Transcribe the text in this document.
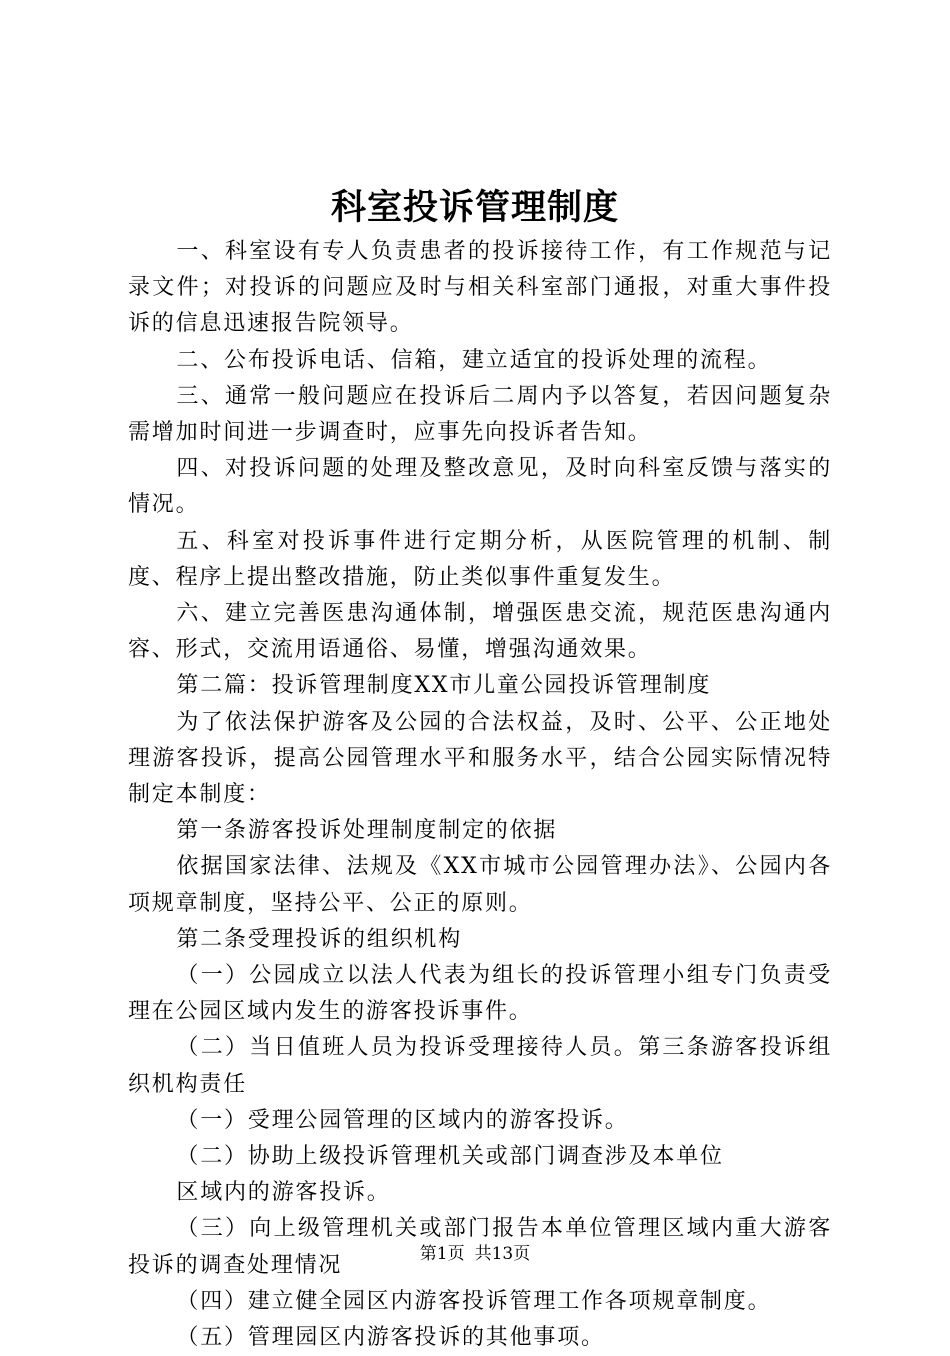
科室投诉管理制度

一、科室设有专人负责患者的投诉接待工作，有工作规范与记录文件；对投诉的问题应及时与相关科室部门通报，对重大事件投诉的信息迅速报告院领导。

二、公布投诉电话、信箱，建立适宜的投诉处理的流程。

三、通常一般问题应在投诉后二周内予以答复，若因问题复杂需增加时间进一步调查时，应事先向投诉者告知。

四、对投诉问题的处理及整改意见，及时向科室反馈与落实的情况。

五、科室对投诉事件进行定期分析，从医院管理的机制、制度、程序上提出整改措施，防止类似事件重复发生。

六、建立完善医患沟通体制，增强医患交流，规范医患沟通内容、形式，交流用语通俗、易懂，增强沟通效果。

第二篇：投诉管理制度XX市儿童公园投诉管理制度

为了依法保护游客及公园的合法权益，及时、公平、公正地处理游客投诉，提高公园管理水平和服务水平，结合公园实际情况特制定本制度：

第一条游客投诉处理制度制定的依据

依据国家法律、法规及《XX市城市公园管理办法》、公园内各项规章制度，坚持公平、公正的原则。

第二条受理投诉的组织机构

（一）公园成立以法人代表为组长的投诉管理小组专门负责受理在公园区域内发生的游客投诉事件。

（二）当日值班人员为投诉受理接待人员。第三条游客投诉组织机构责任

（一）受理公园管理的区域内的游客投诉。

（二）协助上级投诉管理机关或部门调查涉及本单位

区域内的游客投诉。

（三）向上级管理机关或部门报告本单位管理区域内重大游客投诉的调查处理情况

（四）建立健全园区内游客投诉管理工作各项规章制度。

（五）管理园区内游客投诉的其他事项。

第1页 共13页
